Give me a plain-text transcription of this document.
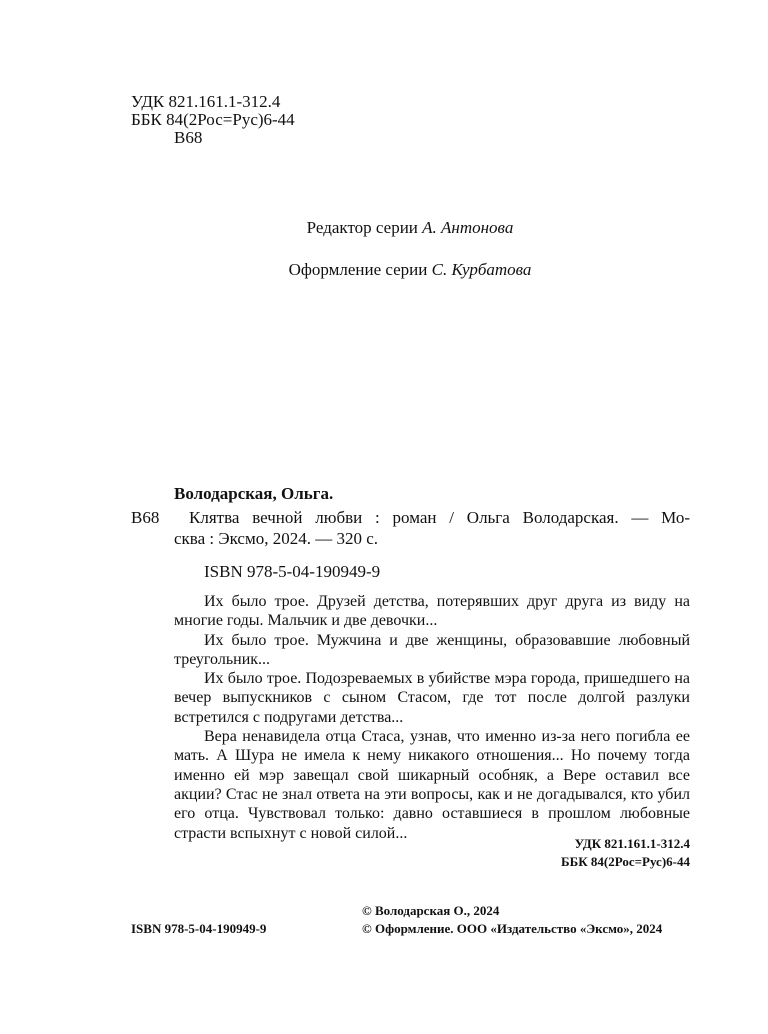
УДК 821.161.1-312.4
ББК 84(2Рос=Рус)6-44
В68
Редактор серии А. Антонова
Оформление серии С. Курбатова
Володарская, Ольга.
В68 Клятва вечной любви : роман / Ольга Володарская. — Мо-
сква : Эксмо, 2024. — 320 с.
ISBN 978-5-04-190949-9

Их было трое. Друзей детства, потерявших друг друга из виду на многие годы. Мальчик и две девочки...

Их было трое. Мужчина и две женщины, образовавшие любовный треугольник...

Их было трое. Подозреваемых в убийстве мэра города, пришедшего на вечер выпускников с сыном Стасом, где тот после долгой разлуки встретился с подругами детства...

Вера ненавидела отца Стаса, узнав, что именно из-за него погибла ее мать. А Шура не имела к нему никакого отношения... Но почему тогда именно ей мэр завещал свой шикарный особняк, а Вере оставил все акции? Стас не знал ответа на эти вопросы, как и не догадывался, кто убил его отца. Чувствовал только: давно оставшиеся в прошлом любовные страсти вспыхнут с новой силой...

УДК 821.161.1-312.4
ББК 84(2Рос=Рус)6-44
© Володарская О., 2024
ISBN 978-5-04-190949-9	© Оформление. ООО «Издательство «Эксмо», 2024
